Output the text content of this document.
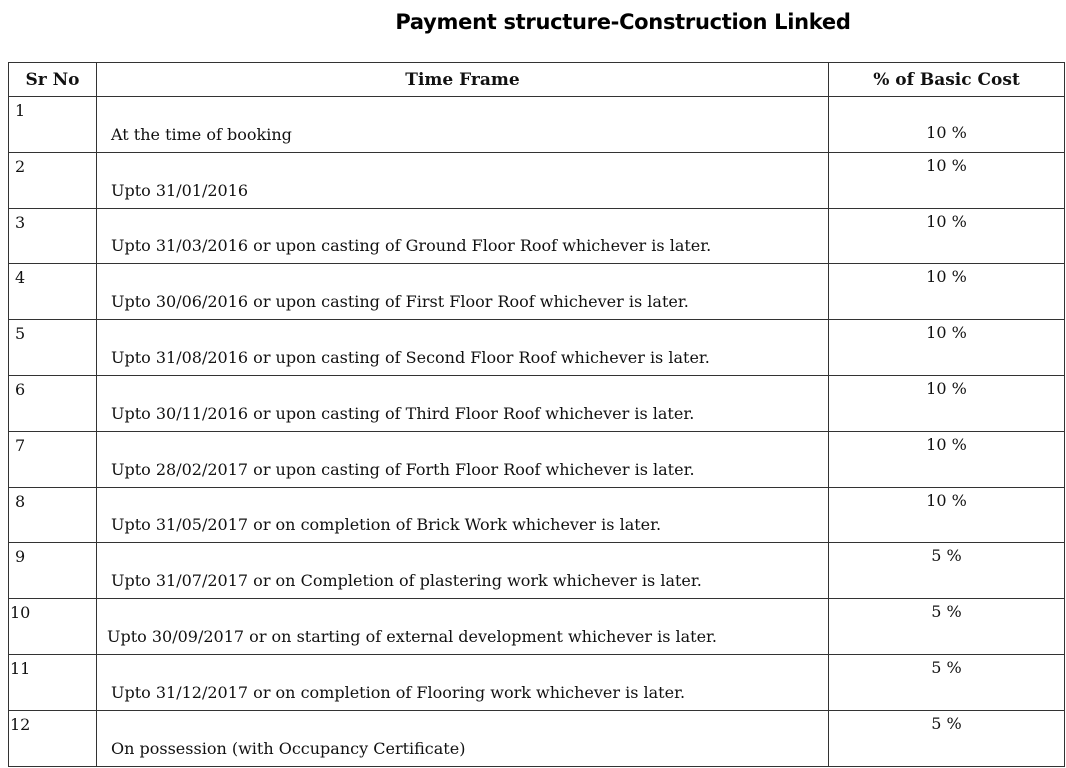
Payment structure-Construction Linked
Sr No	Time Frame	% of Basic Cost

1	At the time of booking	10 %

2	Upto 31/01/2016	10 %

3	Upto 31/03/2016 or upon casting of Ground Floor Roof whichever is later.	10 %

4	Upto 30/06/2016 or upon casting of First Floor Roof whichever is later.	10 %

5	Upto 31/08/2016 or upon casting of Second Floor Roof whichever is later.	10 %

6	Upto 30/11/2016 or upon casting of Third Floor Roof whichever is later.	10 %

7	Upto 28/02/2017 or upon casting of Forth Floor Roof whichever is later.	10 %

8	Upto 31/05/2017 or on completion of Brick Work whichever is later.	10 %

9	Upto 31/07/2017 or on Completion of plastering work whichever is later.	5 %

10	Upto 30/09/2017 or on starting of external development whichever is later.	5 %

11	Upto 31/12/2017 or on completion of Flooring work whichever is later.	5 %

12	On possession (with Occupancy Certificate)	5 %
